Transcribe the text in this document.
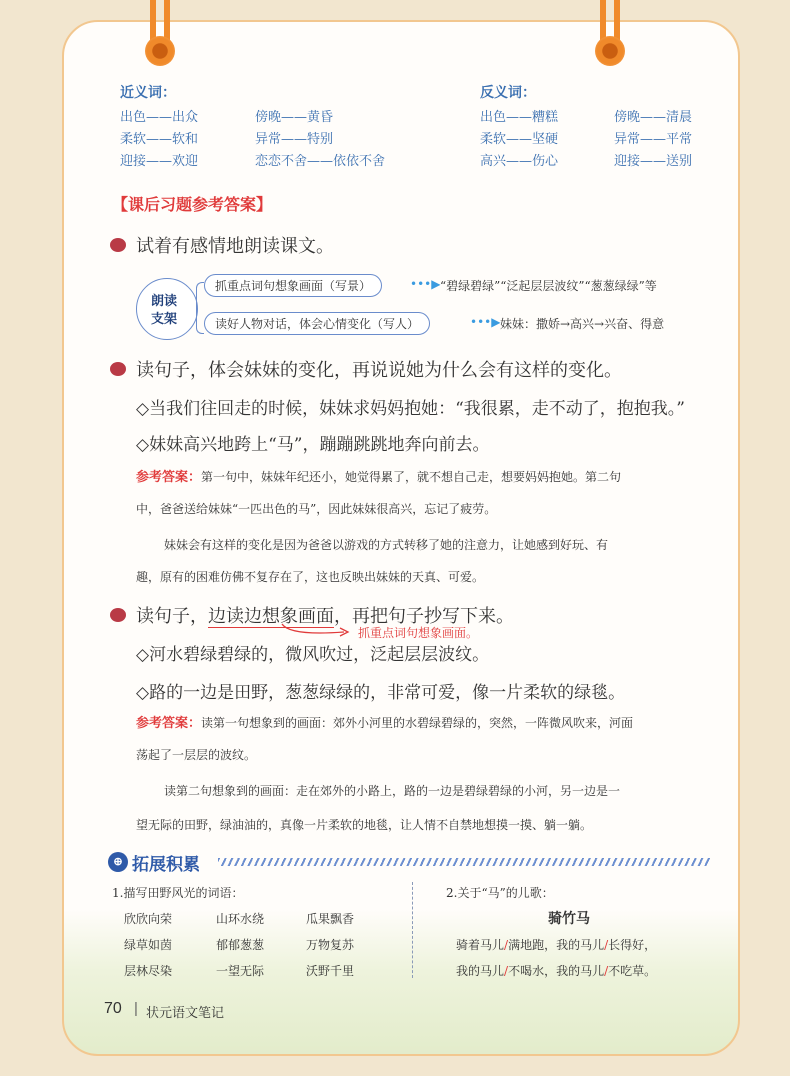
近义词：
出色——出众	傍晚——黄昏
柔软——软和	异常——特别
迎接——欢迎	恋恋不舍——依依不舍
反义词：
出色——糟糕	傍晚——清晨
柔软——坚硬	异常——平常
高兴——伤心	迎接——送别
【课后习题参考答案】
试着有感情地朗读课文。
朗读
支架
抓重点词句想象画面（写景）	•••▶ “碧绿碧绿”“泛起层层波纹”“葱葱绿绿”等
读好人物对话，体会心情变化（写人）	•••▶ 妹妹：撒娇→高兴→兴奋、得意
读句子，体会妹妹的变化，再说说她为什么会有这样的变化。
◇当我们往回走的时候，妹妹求妈妈抱她：“我很累，走不动了，抱抱我。”
◇妹妹高兴地跨上“马”，蹦蹦跳跳地奔向前去。
参考答案：第一句中，妹妹年纪还小，她觉得累了，就不想自己走，想要妈妈抱她。第二句
中，爸爸送给妹妹“一匹出色的马”，因此妹妹很高兴，忘记了疲劳。
妹妹会有这样的变化是因为爸爸以游戏的方式转移了她的注意力，让她感到好玩、有
趣，原有的困难仿佛不复存在了，这也反映出妹妹的天真、可爱。
读句子，边读边想象画面，再把句子抄写下来。
抓重点词句想象画面。
◇河水碧绿碧绿的，微风吹过，泛起层层波纹。
◇路的一边是田野，葱葱绿绿的，非常可爱，像一片柔软的绿毯。
参考答案：读第一句想象到的画面：郊外小河里的水碧绿碧绿的，突然，一阵微风吹来，河面
荡起了一层层的波纹。
读第二句想象到的画面：走在郊外的小路上，路的一边是碧绿碧绿的小河，另一边是一
望无际的田野，绿油油的，真像一片柔软的地毯，让人情不自禁地想摸一摸、躺一躺。
⊕ 拓展积累
1.描写田野风光的词语：
欣欣向荣	山环水绕	瓜果飘香
绿草如茵	郁郁葱葱	万物复苏
层林尽染	一望无际	沃野千里
2.关于“马”的儿歌：
骑竹马
骑着马儿/满地跑，我的马儿/长得好，
我的马儿/不喝水，我的马儿/不吃草。
70 | 状元语文笔记
